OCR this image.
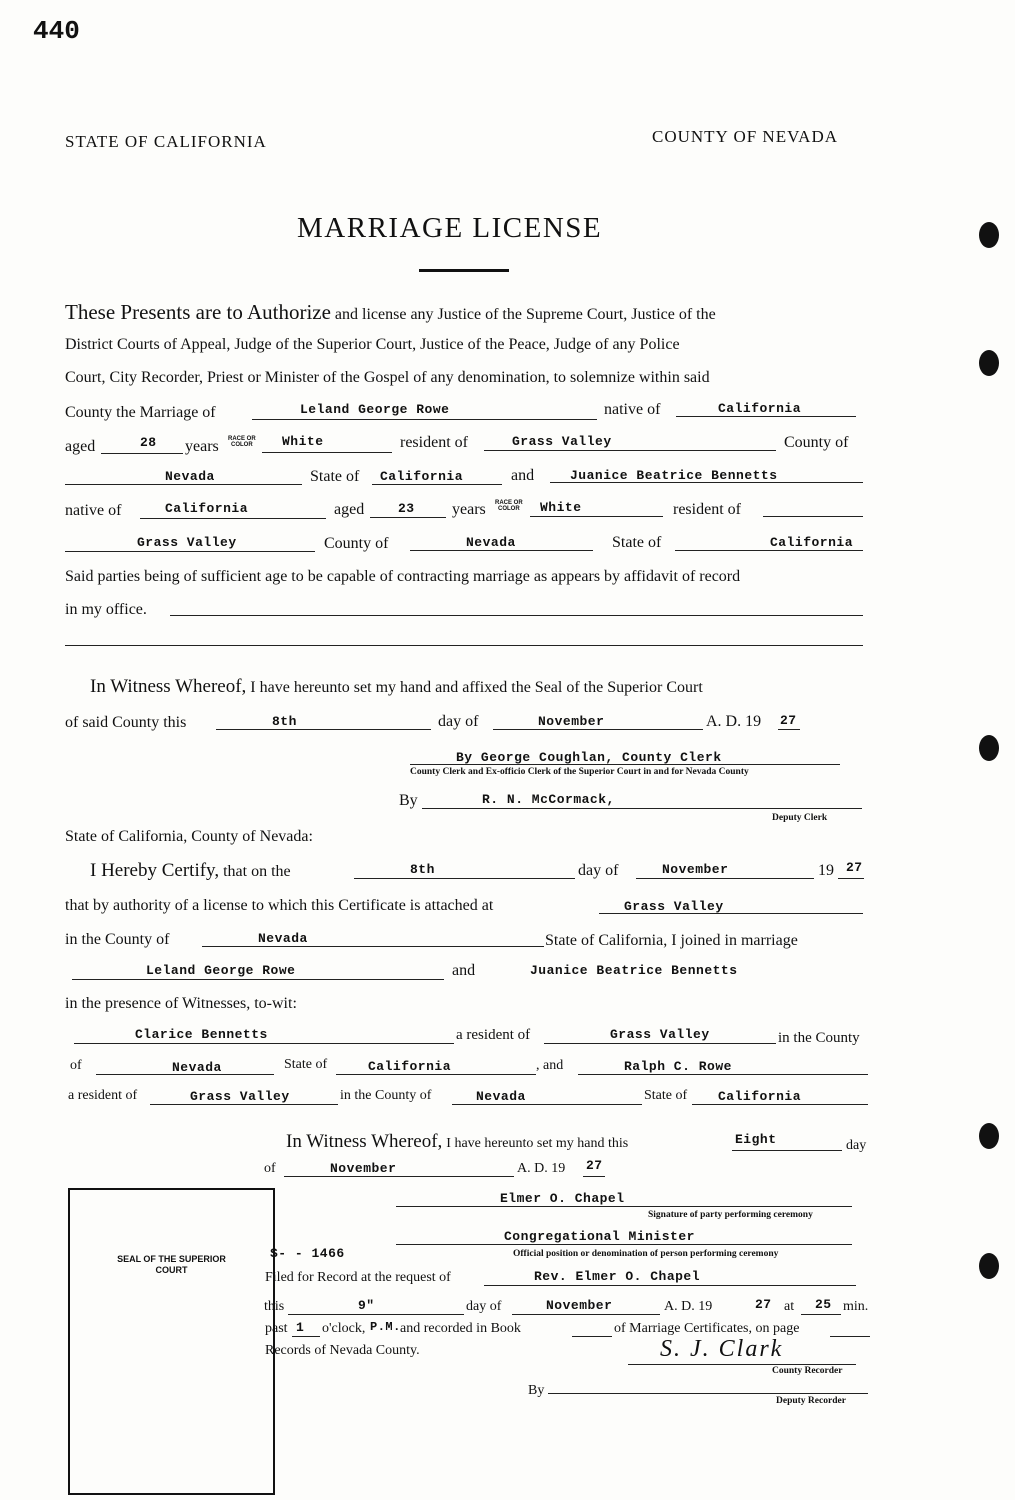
440
STATE OF CALIFORNIA	COUNTY OF NEVADA
MARRIAGE LICENSE
These Presents are to Authorize and license any Justice of the Supreme Court, Justice of the
District Courts of Appeal, Judge of the Superior Court, Justice of the Peace, Judge of any Police
Court, City Recorder, Priest or Minister of the Gospel of any denomination, to solemnize within said
County the Marriage of	Leland George Rowe	native of	California
aged	28 years RACE OR
COLOR White	resident of	Grass Valley	County of
Nevada	State of California	and	Juanice Beatrice Bennetts
native of	California	aged	23 years RACE OR
COLOR White	resident of
Grass Valley	County of	Nevada	State of	California
Said parties being of sufficient age to be capable of contracting marriage as appears by affidavit of record
in my office.
In Witness Whereof, I have hereunto set my hand and affixed the Seal of the Superior Court
of said County this	8th	day of	November	A. D. 19 27
By George Coughlan, County Clerk
County Clerk and Ex-officio Clerk of the Superior Court in and for Nevada County
By	R. N. McCormack,
Deputy Clerk
State of California, County of Nevada:
I Hereby Certify, that on the	8th	day of	November	19 27
that by authority of a license to which this Certificate is attached at	Grass Valley
in the County of	Nevada	State of California, I joined in marriage
Leland George Rowe	and	Juanice Beatrice Bennetts
in the presence of Witnesses, to-wit:
Clarice Bennetts	a resident of	Grass Valley	in the County
of	Nevada	State of	California	, and	Ralph C. Rowe
a resident of	Grass Valley	in the County of	Nevada	State of California
In Witness Whereof, I have hereunto set my hand this	Eight	day
of	November	A. D. 19 27
Elmer O. Chapel
Signature of party performing ceremony
Congregational Minister
Official position or denomination of person performing ceremony
SEAL OF THE SUPERIOR COURT
S- - 1466
Filed for Record at the request of	Rev. Elmer O. Chapel
this	9"	day of	November	A. D. 19	27 at 25 min.
past 1 o'clock, P.M. and recorded in Book	of Marriage Certificates, on page
Records of Nevada County.	S. J. Clark
County Recorder
By
Deputy Recorder
